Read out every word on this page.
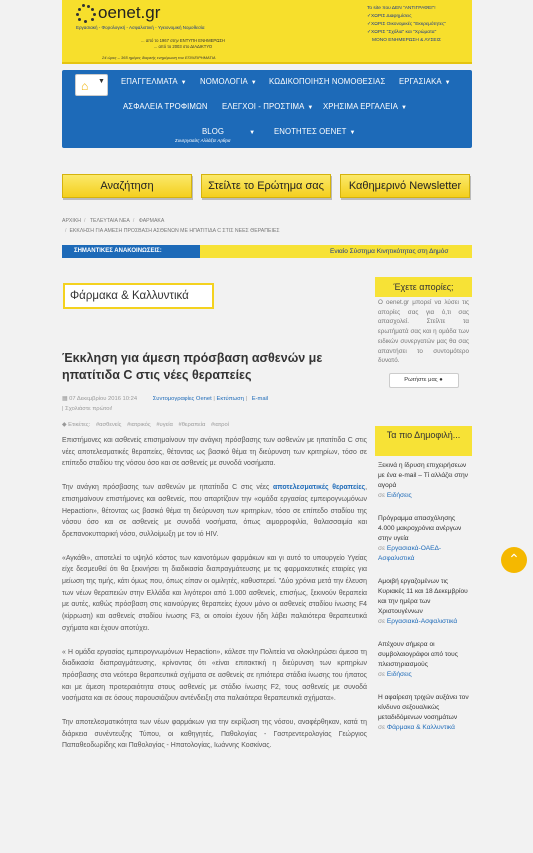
oenet.gr
Εργασιακή - Φορολογική - Ασφαλιστική - Υγειονομική Νομοθεσία
... από το 1967 στην ΕΝΤΥΠΗ ΕΝΗΜΕΡΩΣΗ
... από το 2003 στο ΔΙΑΔΙΚΤΥΟ
24 ώρες – 365 ημέρες διαρκής ενημέρωση του ΕΠΙΧΕΙΡΗΜΑΤΙΑ
Το site που ΔΕΝ "ΑΝΤΙΓΡΑΦΕΙ"!
✓ΧΩΡΙΣ Διαφημίσεις
✓ΧΩΡΙΣ Οικονομικές "Εκκρεμότητες"
✓ΧΩΡΙΣ "Σχόλια" και "Χρώματα"
ΜΟΝΟ ΕΝΗΜΕΡΩΣΗ & ΛΥΣΕΙΣ
⌂ ▼ ΕΠΑΓΓΕΛΜΑΤΑ ▼ ΝΟΜΟΛΟΓΙΑ ▼ ΚΩΔΙΚΟΠΟΙΗΣΗ ΝΟΜΟΘΕΣΙΑΣ ΕΡΓΑΣΙΑΚΑ ▼
ΑΣΦΑΛΕΙΑ ΤΡΟΦΙΜΩΝ ΕΛΕΓΧΟΙ - ΠΡΟΣΤΙΜΑ ▼ ΧΡΗΣΙΜΑ ΕΡΓΑΛΕΙΑ ▼
BLOG	▼ ΕΝΟΤΗΤΕΣ OENET ▼
Συνεργασίες Αλλάξτε Αρθρα
Αναζήτηση	Στείλτε το Ερώτημα σας	Καθημερινό Newsletter
ΑΡΧΙΚΗ / ΤΕΛΕΥΤΑΙΑ ΝΕΑ / ΦΑΡΜΑΚΑ
/ ΕΚΚΛΗΣΗ ΓΙΑ ΑΜΕΣΗ ΠΡΟΣΒΑΣΗ ΑΣΘΕΝΩΝ ΜΕ ΗΠΑΤΙΤΙΔΑ C ΣΤΙΣ ΝΕΕΣ ΘΕΡΑΠΕΙΕΣ
ΣΗΜΑΝΤΙΚΕΣ ΑΝΑΚΟΙΝΩΣΕΙΣ:	Ενιαίο Σύστημα Κινητικότητας στη Δημόσ
Φάρμακα & Καλλυντικά
Έκκληση για άμεση πρόσβαση ασθενών με ηπατίτιδα C στις νέες θεραπείες
▦ 07 Δεκεμβρίου 2016 10:24	Συντομογραφίες Oenet | Εκτύπωση | E-mail
| Σχολιάστε πρώτοι!
◆ Ετικέτες: #ασθενείς #ιατρικός #υγεία #θεραπεία #ιατροί

Επιστήμονες και ασθενείς επισημαίνουν την ανάγκη πρόσβασης των ασθενών με ηπατίτιδα C στις νέες αποτελεσματικές θεραπείες, θέτοντας ως βασικό θέμα τη διεύρυνση των κριτηρίων, τόσο σε επίπεδο σταδίου της νόσου όσο και σε ασθενείς με συνοδά νοσήματα.

Την ανάγκη πρόσβασης των ασθενών με ηπατίτιδα C στις νέες αποτελεσματικές θεραπείες, επισημαίνουν επιστήμονες και ασθενείς, που απαρτίζουν την «ομάδα εργασίας εμπειρογνωμόνων Hepaction», θέτοντας ως βασικό θέμα τη διεύρυνση των κριτηρίων, τόσο σε επίπεδο σταδίου της νόσου όσο και σε ασθενείς με συνοδά νοσήματα, όπως αιμορροφιλία, θαλασσαιμία και δρεπανοκυτταρική νόσο, συλλοίμωξη με τον ιό HIV.

«Αγκάθι», αποτελεί το υψηλό κόστος των καινοτόμων φαρμάκων και γι αυτό το υπουργείο Υγείας είχε δεσμευθεί ότι θα ξεκινήσει τη διαδικασία διαπραγμάτευσης με τις φαρμακευτικές εταιρίες για μείωση της τιμής, κάτι όμως που, όπως είπαν οι ομιλητές, καθυστερεί. "Δύο χρόνια μετά την έλευση των νέων θεραπειών στην Ελλάδα και λιγότεροι από 1.000 ασθενείς, επισήως, ξεκινούν θεραπεία με αυτές, καθώς πρόσβαση στις καινούργιες θεραπείες έχουν μόνο οι ασθενείς σταδίου ίνωσης F4 (κίρρωση) και ασθενείς σταδίου ίνωσης F3, οι οποίοι έχουν ήδη λάβει παλαιότερα θεραπευτικά σχήματα και έχουν αποτύχει.

« Η ομάδα εργασίας εμπειρογνωμόνων Hepaction», κάλεσε την Πολιτεία να ολοκληρώσει άμεσα τη διαδικασία διαπραγμάτευσης, κρίνοντας ότι «είναι επιτακτική η διεύρυνση των κριτηρίων πρόσβασης στα νεότερα θεραπευτικά σχήματα σε ασθενείς σε ηπιότερα στάδια ίνωσης του ήπατος και με άμεση προτεραιότητα στους ασθενείς με στάδιο ίνωσης F2, τους ασθενείς με συνοδά νοσήματα και σε όσους παρουσιάζουν αντένδειξη στα παλαιότερα θεραπευτικά σχήματα».

Την αποτελεσματικότητα των νέων φαρμάκων για την εκρίζωση της νόσου, αναφέρθηκαν, κατά τη διάρκεια συνέντευξης Τύπου, οι καθηγητές, Παθολογίας - Γαστρεντερολογίας Γεώργιος Παπαθεοδωρίδης και Παθολογίας - Ηπατολογίας, Ιωάννης Κοσκίνας.

Έχετε απορίες;
Ο oenet.gr μπορεί να λύσει τις απορίες σας για ό,τι σας απασχολεί. Στείλτε τα ερωτήματά σας και η ομάδα των ειδικών συνεργατών μας θα σας απαντήσει το συντομότερο δυνατό.
Ρωτήστε μας ●
Τα πιο Δημοφιλή...
Ξεκινά η ίδρυση επιχειρήσεων με ένα e-mail – Τί αλλάζει στην αγορά
σε Ειδήσεις
Πρόγραμμα απασχόλησης 4.000 μακροχρόνια ανέργων στην υγεία
σε Εργασιακά-ΟΑΕΔ-Ασφαλιστικά
Αμοιβή εργαζομένων τις Κυριακές 11 και 18 Δεκεμβρίου και την ημέρα των Χριστουγέννων
σε Εργασιακά-Ασφαλιστικά
Απέχουν σήμερα οι συμβολαιογράφοι από τους πλειστηριασμούς
σε Ειδήσεις
Η αφαίρεση τριχών αυξάνει τον κίνδυνο σεξουαλικώς μεταδιδόμενων νοσημάτων
σε Φάρμακα & Καλλυντικά
⌃
